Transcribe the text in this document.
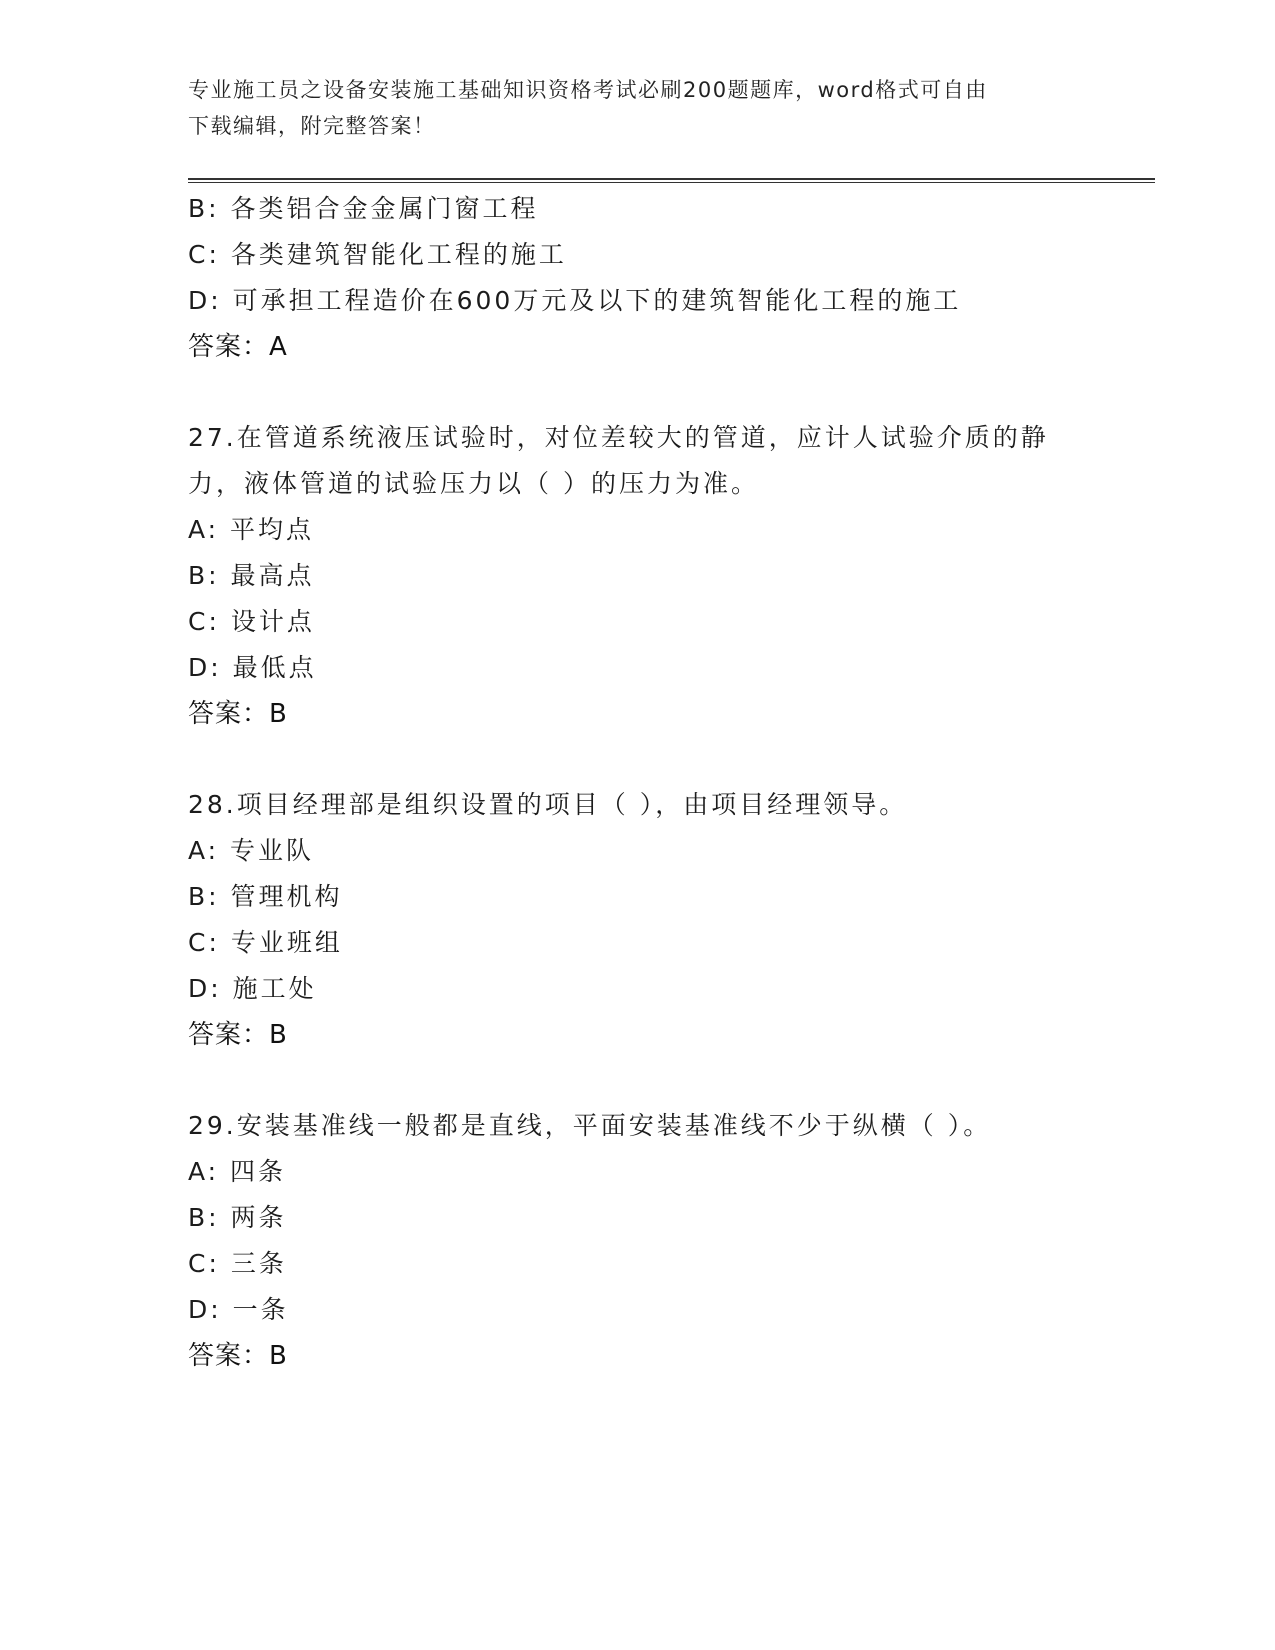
专业施工员之设备安装施工基础知识资格考试必刷200题题库，word格式可自由
下载编辑，附完整答案！
B: 各类铝合金金属门窗工程
C: 各类建筑智能化工程的施工
D: 可承担工程造价在600万元及以下的建筑智能化工程的施工
答案：A
27.在管道系统液压试验时，对位差较大的管道，应计人试验介质的静
力，液体管道的试验压力以（ ）的压力为准。
A: 平均点
B: 最高点
C: 设计点
D: 最低点
答案：B
28.项目经理部是组织设置的项目（ ），由项目经理领导。
A: 专业队
B: 管理机构
C: 专业班组
D: 施工处
答案：B
29.安装基准线一般都是直线，平面安装基准线不少于纵横（ ）。
A: 四条
B: 两条
C: 三条
D: 一条
答案：B
